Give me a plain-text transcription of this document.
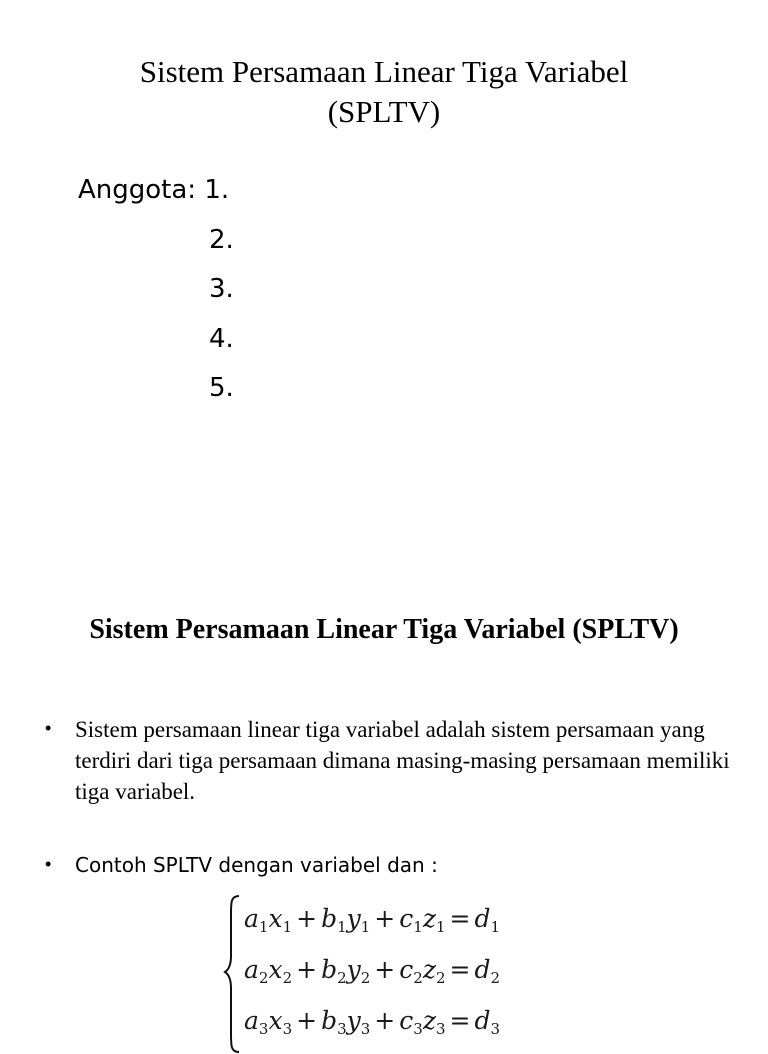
Sistem Persamaan Linear Tiga Variabel
(SPLTV)
Anggota: 1.
2.
3.
4.
5.
Sistem Persamaan Linear Tiga Variabel (SPLTV)
• Sistem persamaan linear tiga variabel adalah sistem persamaan yang terdiri dari tiga persamaan dimana masing-masing persamaan memiliki tiga variabel.
• Contoh SPLTV dengan variabel dan :
$a_1x_1 + b_1y_1 + c_1z_1 = d_1$
$a_2x_2 + b_2y_2 + c_2z_2 = d_2$
$a_3x_3 + b_3y_3 + c_3z_3 = d_3$
